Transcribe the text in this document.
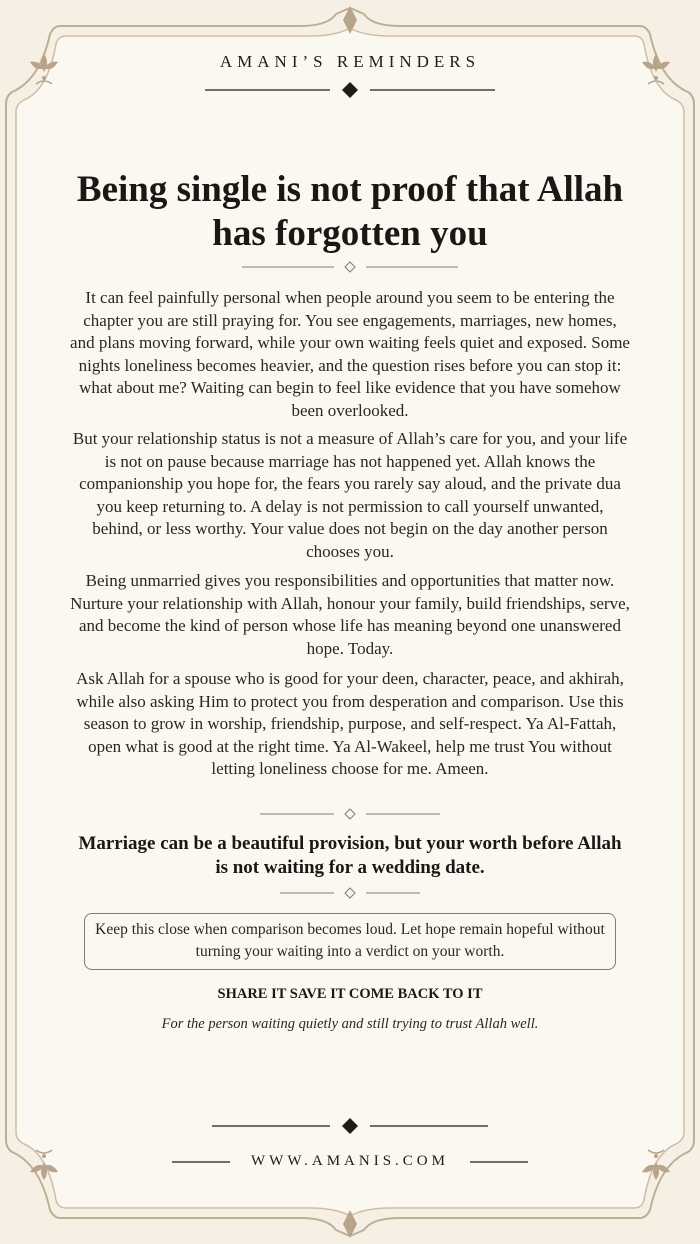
AMANI’S REMINDERS
Being single is not proof that Allah has forgotten you
It can feel painfully personal when people around you seem to be entering the chapter you are still praying for. You see engagements, marriages, new homes, and plans moving forward, while your own waiting feels quiet and exposed. Some nights loneliness becomes heavier, and the question rises before you can stop it: what about me? Waiting can begin to feel like evidence that you have somehow been overlooked.
But your relationship status is not a measure of Allah’s care for you, and your life is not on pause because marriage has not happened yet. Allah knows the companionship you hope for, the fears you rarely say aloud, and the private dua you keep returning to. A delay is not permission to call yourself unwanted, behind, or less worthy. Your value does not begin on the day another person chooses you.
Being unmarried gives you responsibilities and opportunities that matter now. Nurture your relationship with Allah, honour your family, build friendships, serve, and become the kind of person whose life has meaning beyond one unanswered hope. Today.
Ask Allah for a spouse who is good for your deen, character, peace, and akhirah, while also asking Him to protect you from desperation and comparison. Use this season to grow in worship, friendship, purpose, and self-respect. Ya Al-Fattah, open what is good at the right time. Ya Al-Wakeel, help me trust You without letting loneliness choose for me. Ameen.
Marriage can be a beautiful provision, but your worth before Allah is not waiting for a wedding date.
Keep this close when comparison becomes loud. Let hope remain hopeful without turning your waiting into a verdict on your worth.
SHARE IT SAVE IT COME BACK TO IT
For the person waiting quietly and still trying to trust Allah well.
WWW.AMANIS.COM
